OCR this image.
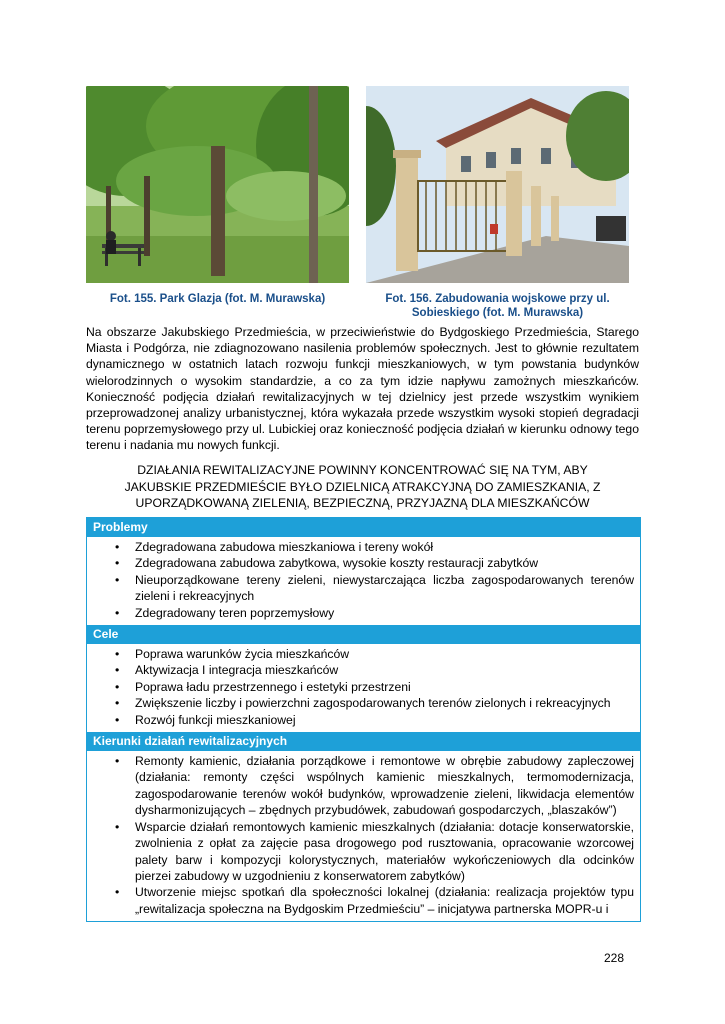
Fot. 155. Park Glazja (fot. M. Murawska)	Fot. 156. Zabudowania wojskowe przy ul. Sobieskiego (fot. M. Murawska)

Na obszarze Jakubskiego Przedmieścia, w przeciwieństwie do Bydgoskiego Przedmieścia, Starego Miasta i Podgórza, nie zdiagnozowano nasilenia problemów społecznych. Jest to głównie rezultatem dynamicznego w ostatnich latach rozwoju funkcji mieszkaniowych, w tym powstania budynków wielorodzinnych o wysokim standardzie, a co za tym idzie napływu zamożnych mieszkańców. Konieczność podjęcia działań rewitalizacyjnych w tej dzielnicy jest przede wszystkim wynikiem przeprowadzonej analizy urbanistycznej, która wykazała przede wszystkim wysoki stopień degradacji terenu poprzemysłowego przy ul. Lubickiej oraz konieczność podjęcia działań w kierunku odnowy tego terenu i nadania mu nowych funkcji.

DZIAŁANIA REWITALIZACYJNE POWINNY KONCENTROWAĆ SIĘ NA TYM, ABY

JAKUBSKIE PRZEDMIEŚCIE BYŁO DZIELNICĄ ATRAKCYJNĄ DO ZAMIESZKANIA, Z

UPORZĄDKOWANĄ ZIELENIĄ, BEZPIECZNĄ, PRZYJAZNĄ DLA MIESZKAŃCÓW

Problemy
• Zdegradowana zabudowa mieszkaniowa i tereny wokół
• Zdegradowana zabudowa zabytkowa, wysokie koszty restauracji zabytków
• Nieuporządkowane tereny zieleni, niewystarczająca liczba zagospodarowanych terenów zieleni i rekreacyjnych
• Zdegradowany teren poprzemysłowy
Cele
• Poprawa warunków życia mieszkańców
• Aktywizacja I integracja mieszkańców
• Poprawa ładu przestrzennego i estetyki przestrzeni
• Zwiększenie liczby i powierzchni zagospodarowanych terenów zielonych i rekreacyjnych
• Rozwój funkcji mieszkaniowej
Kierunki działań rewitalizacyjnych
• Remonty kamienic, działania porządkowe i remontowe w obrębie zabudowy zapleczowej (działania: remonty części wspólnych kamienic mieszkalnych, termomodernizacja, zagospodarowanie terenów wokół budynków, wprowadzenie zieleni, likwidacja elementów dysharmonizujących – zbędnych przybudówek, zabudowań gospodarczych, „blaszaków”)
• Wsparcie działań remontowych kamienic mieszkalnych (działania: dotacje konserwatorskie, zwolnienia z opłat za zajęcie pasa drogowego pod rusztowania, opracowanie wzorcowej palety barw i kompozycji kolorystycznych, materiałów wykończeniowych dla odcinków pierzei zabudowy w uzgodnieniu z konserwatorem zabytków)
• Utworzenie miejsc spotkań dla społeczności lokalnej (działania: realizacja projektów typu „rewitalizacja społeczna na Bydgoskim Przedmieściu” – inicjatywa partnerska MOPR-u i
228
